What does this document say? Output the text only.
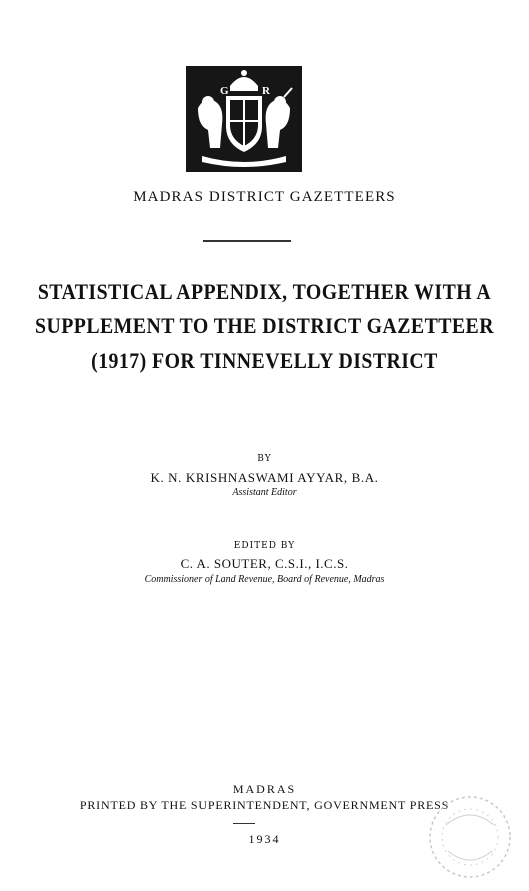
G	R
MADRAS DISTRICT GAZETTEERS
STATISTICAL APPENDIX, TOGETHER WITH A
SUPPLEMENT TO THE DISTRICT GAZETTEER
(1917) FOR TINNEVELLY DISTRICT
BY
K. N. KRISHNASWAMI AYYAR, B.A.
Assistant Editor
EDITED BY
C. A. SOUTER, C.S.I., I.C.S.
Commissioner of Land Revenue, Board of Revenue, Madras
MADRAS
PRINTED BY THE SUPERINTENDENT, GOVERNMENT PRESS
1934
